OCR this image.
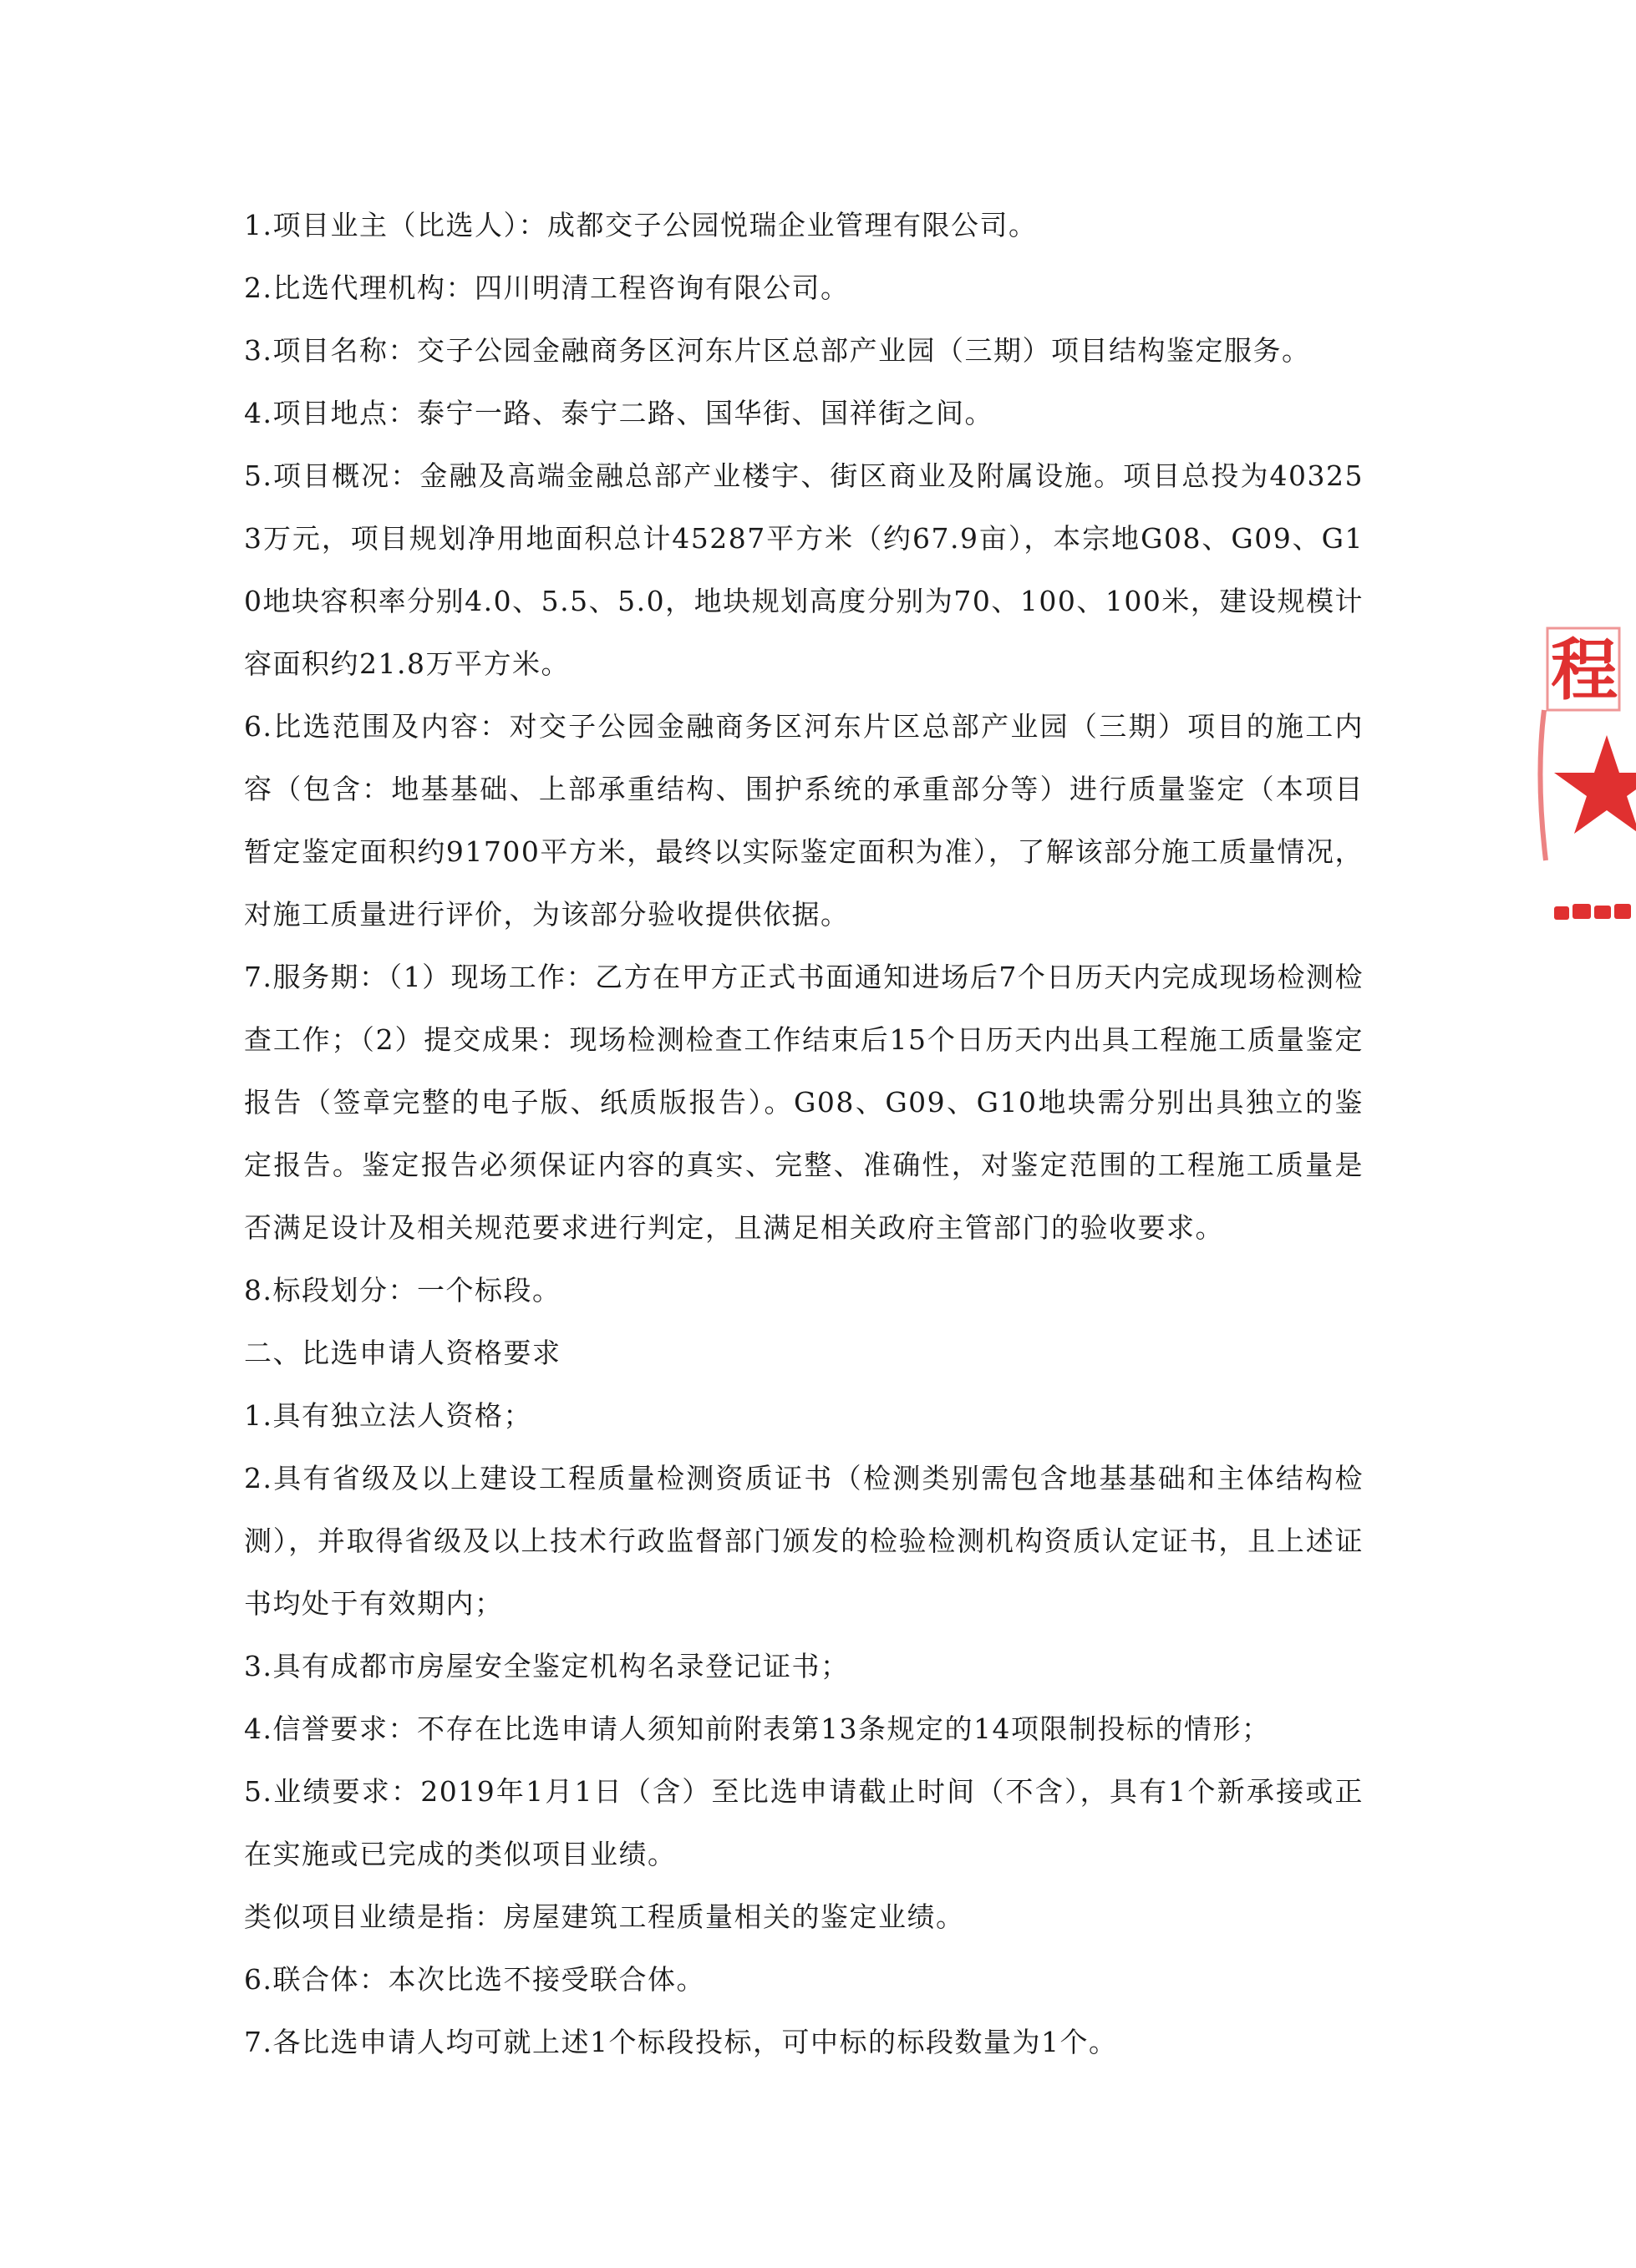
1.项目业主（比选人）：成都交子公园悦瑞企业管理有限公司。

2.比选代理机构：四川明清工程咨询有限公司。

3.项目名称：交子公园金融商务区河东片区总部产业园（三期）项目结构鉴定服务。

4.项目地点：泰宁一路、泰宁二路、国华街、国祥街之间。

5.项目概况：金融及高端金融总部产业楼宇、街区商业及附属设施。项目总投为403253万元，项目规划净用地面积总计45287平方米（约67.9亩），本宗地G08、G09、G10地块容积率分别4.0、5.5、5.0，地块规划高度分别为70、100、100米，建设规模计容面积约21.8万平方米。

6.比选范围及内容：对交子公园金融商务区河东片区总部产业园（三期）项目的施工内容（包含：地基基础、上部承重结构、围护系统的承重部分等）进行质量鉴定（本项目暂定鉴定面积约91700平方米，最终以实际鉴定面积为准），了解该部分施工质量情况，对施工质量进行评价，为该部分验收提供依据。

7.服务期：（1）现场工作：乙方在甲方正式书面通知进场后7个日历天内完成现场检测检查工作；（2）提交成果：现场检测检查工作结束后15个日历天内出具工程施工质量鉴定报告（签章完整的电子版、纸质版报告）。G08、G09、G10地块需分别出具独立的鉴定报告。鉴定报告必须保证内容的真实、完整、准确性，对鉴定范围的工程施工质量是否满足设计及相关规范要求进行判定，且满足相关政府主管部门的验收要求。

8.标段划分：一个标段。

二、比选申请人资格要求

1.具有独立法人资格；

2.具有省级及以上建设工程质量检测资质证书（检测类别需包含地基基础和主体结构检测），并取得省级及以上技术行政监督部门颁发的检验检测机构资质认定证书，且上述证书均处于有效期内；

3.具有成都市房屋安全鉴定机构名录登记证书；

4.信誉要求：不存在比选申请人须知前附表第13条规定的14项限制投标的情形；

5.业绩要求：2019年1月1日（含）至比选申请截止时间（不含），具有1个新承接或正在实施或已完成的类似项目业绩。

类似项目业绩是指：房屋建筑工程质量相关的鉴定业绩。

6.联合体：本次比选不接受联合体。

7.各比选申请人均可就上述1个标段投标，可中标的标段数量为1个。

程
